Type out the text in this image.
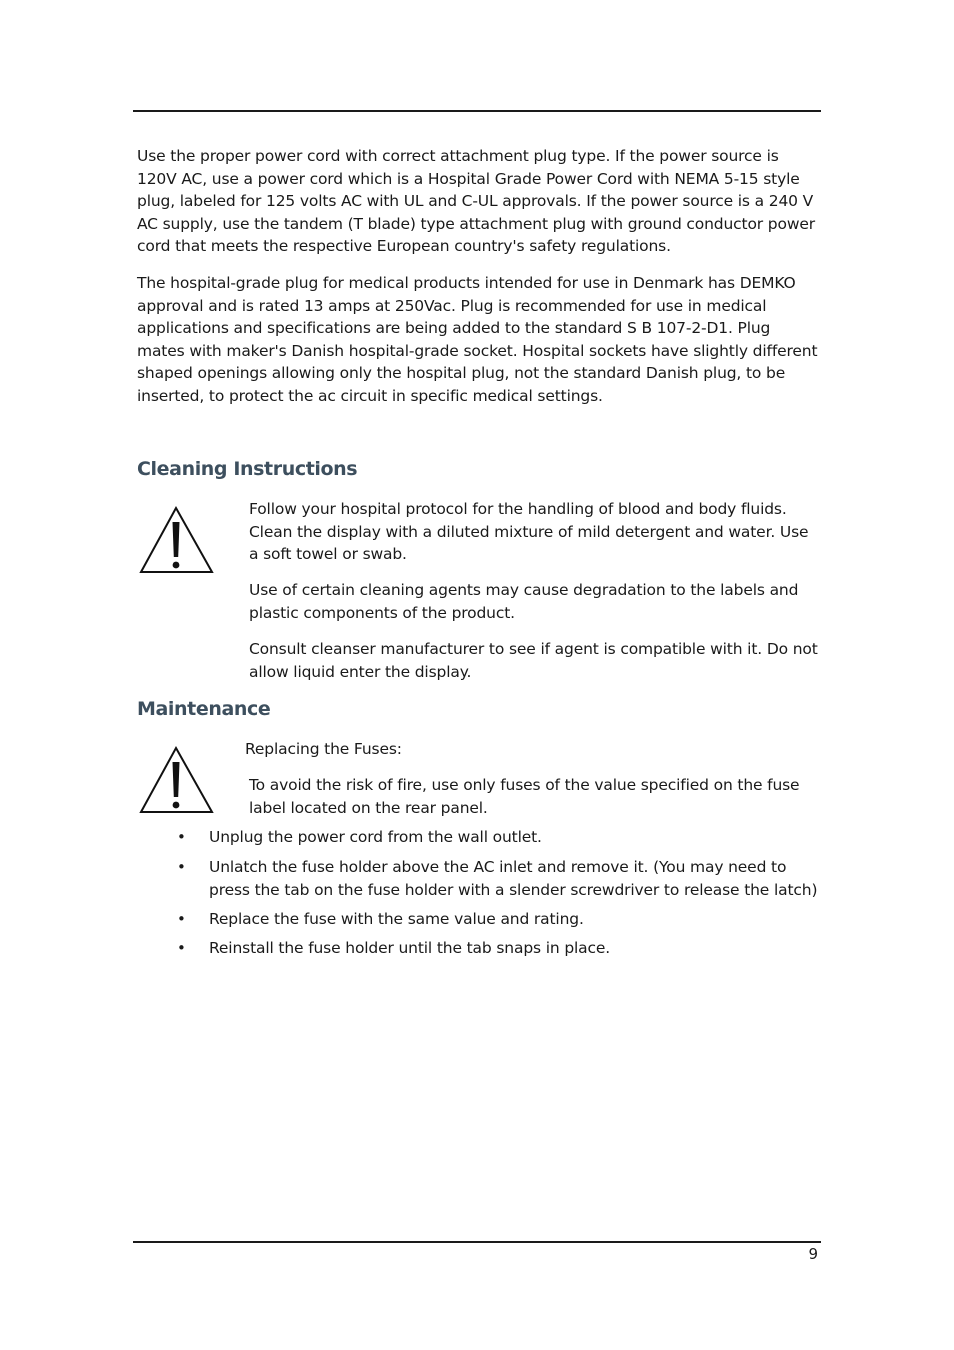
Use the proper power cord with correct attachment plug type. If the power source is 120V AC, use a power cord which is a Hospital Grade Power Cord with NEMA 5-15 style plug, labeled for 125 volts AC with UL and C-UL approvals. If the power source is a 240 V AC supply, use the tandem (T blade) type attachment plug with ground conductor power cord that meets the respective European country's safety regulations.

The hospital-grade plug for medical products intended for use in Denmark has DEMKO approval and is rated 13 amps at 250Vac. Plug is recommended for use in medical applications and specifications are being added to the standard S B 107-2-D1. Plug mates with maker's Danish hospital-grade socket. Hospital sockets have slightly different shaped openings allowing only the hospital plug, not the standard Danish plug, to be inserted, to protect the ac circuit in specific medical settings.

Cleaning Instructions

Follow your hospital protocol for the handling of blood and body fluids. Clean the display with a diluted mixture of mild detergent and water. Use a soft towel or swab.

Use of certain cleaning agents may cause degradation to the labels and plastic components of the product.

Consult cleanser manufacturer to see if agent is compatible with it. Do not allow liquid enter the display.

Maintenance

Replacing the Fuses:

To avoid the risk of fire, use only fuses of the value specified on the fuse label located on the rear panel.

• Unplug the power cord from the wall outlet.
• Unlatch the fuse holder above the AC inlet and remove it. (You may need to press the tab on the fuse holder with a slender screwdriver to release the latch)
• Replace the fuse with the same value and rating.
• Reinstall the fuse holder until the tab snaps in place.
9
